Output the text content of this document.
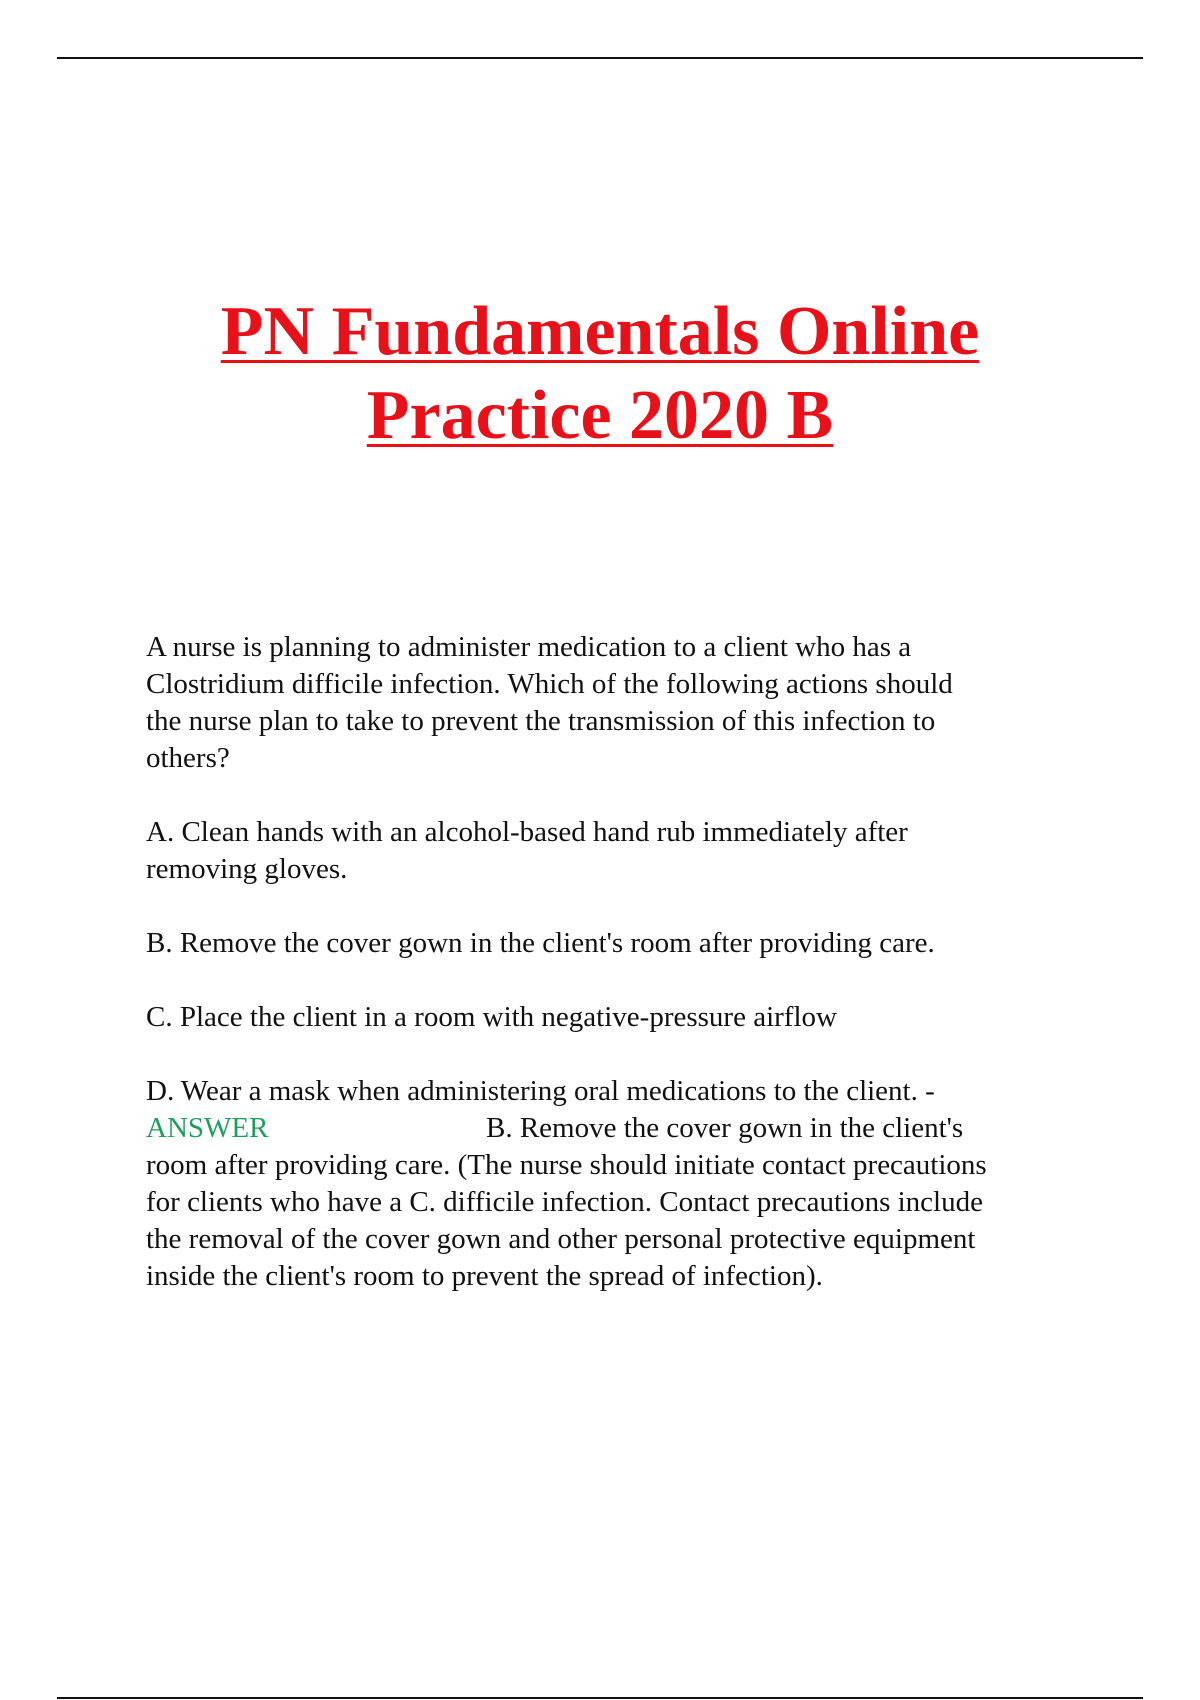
PN Fundamentals Online
Practice 2020 B

A nurse is planning to administer medication to a client who has a
Clostridium difficile infection. Which of the following actions should
the nurse plan to take to prevent the transmission of this infection to
others?

A. Clean hands with an alcohol-based hand rub immediately after
removing gloves.

B. Remove the cover gown in the client's room after providing care.

C. Place the client in a room with negative-pressure airflow

D. Wear a mask when administering oral medications to the client. -

ANSWER	B. Remove the cover gown in the client's
room after providing care. (The nurse should initiate contact precautions
for clients who have a C. difficile infection. Contact precautions include
the removal of the cover gown and other personal protective equipment
inside the client's room to prevent the spread of infection).
